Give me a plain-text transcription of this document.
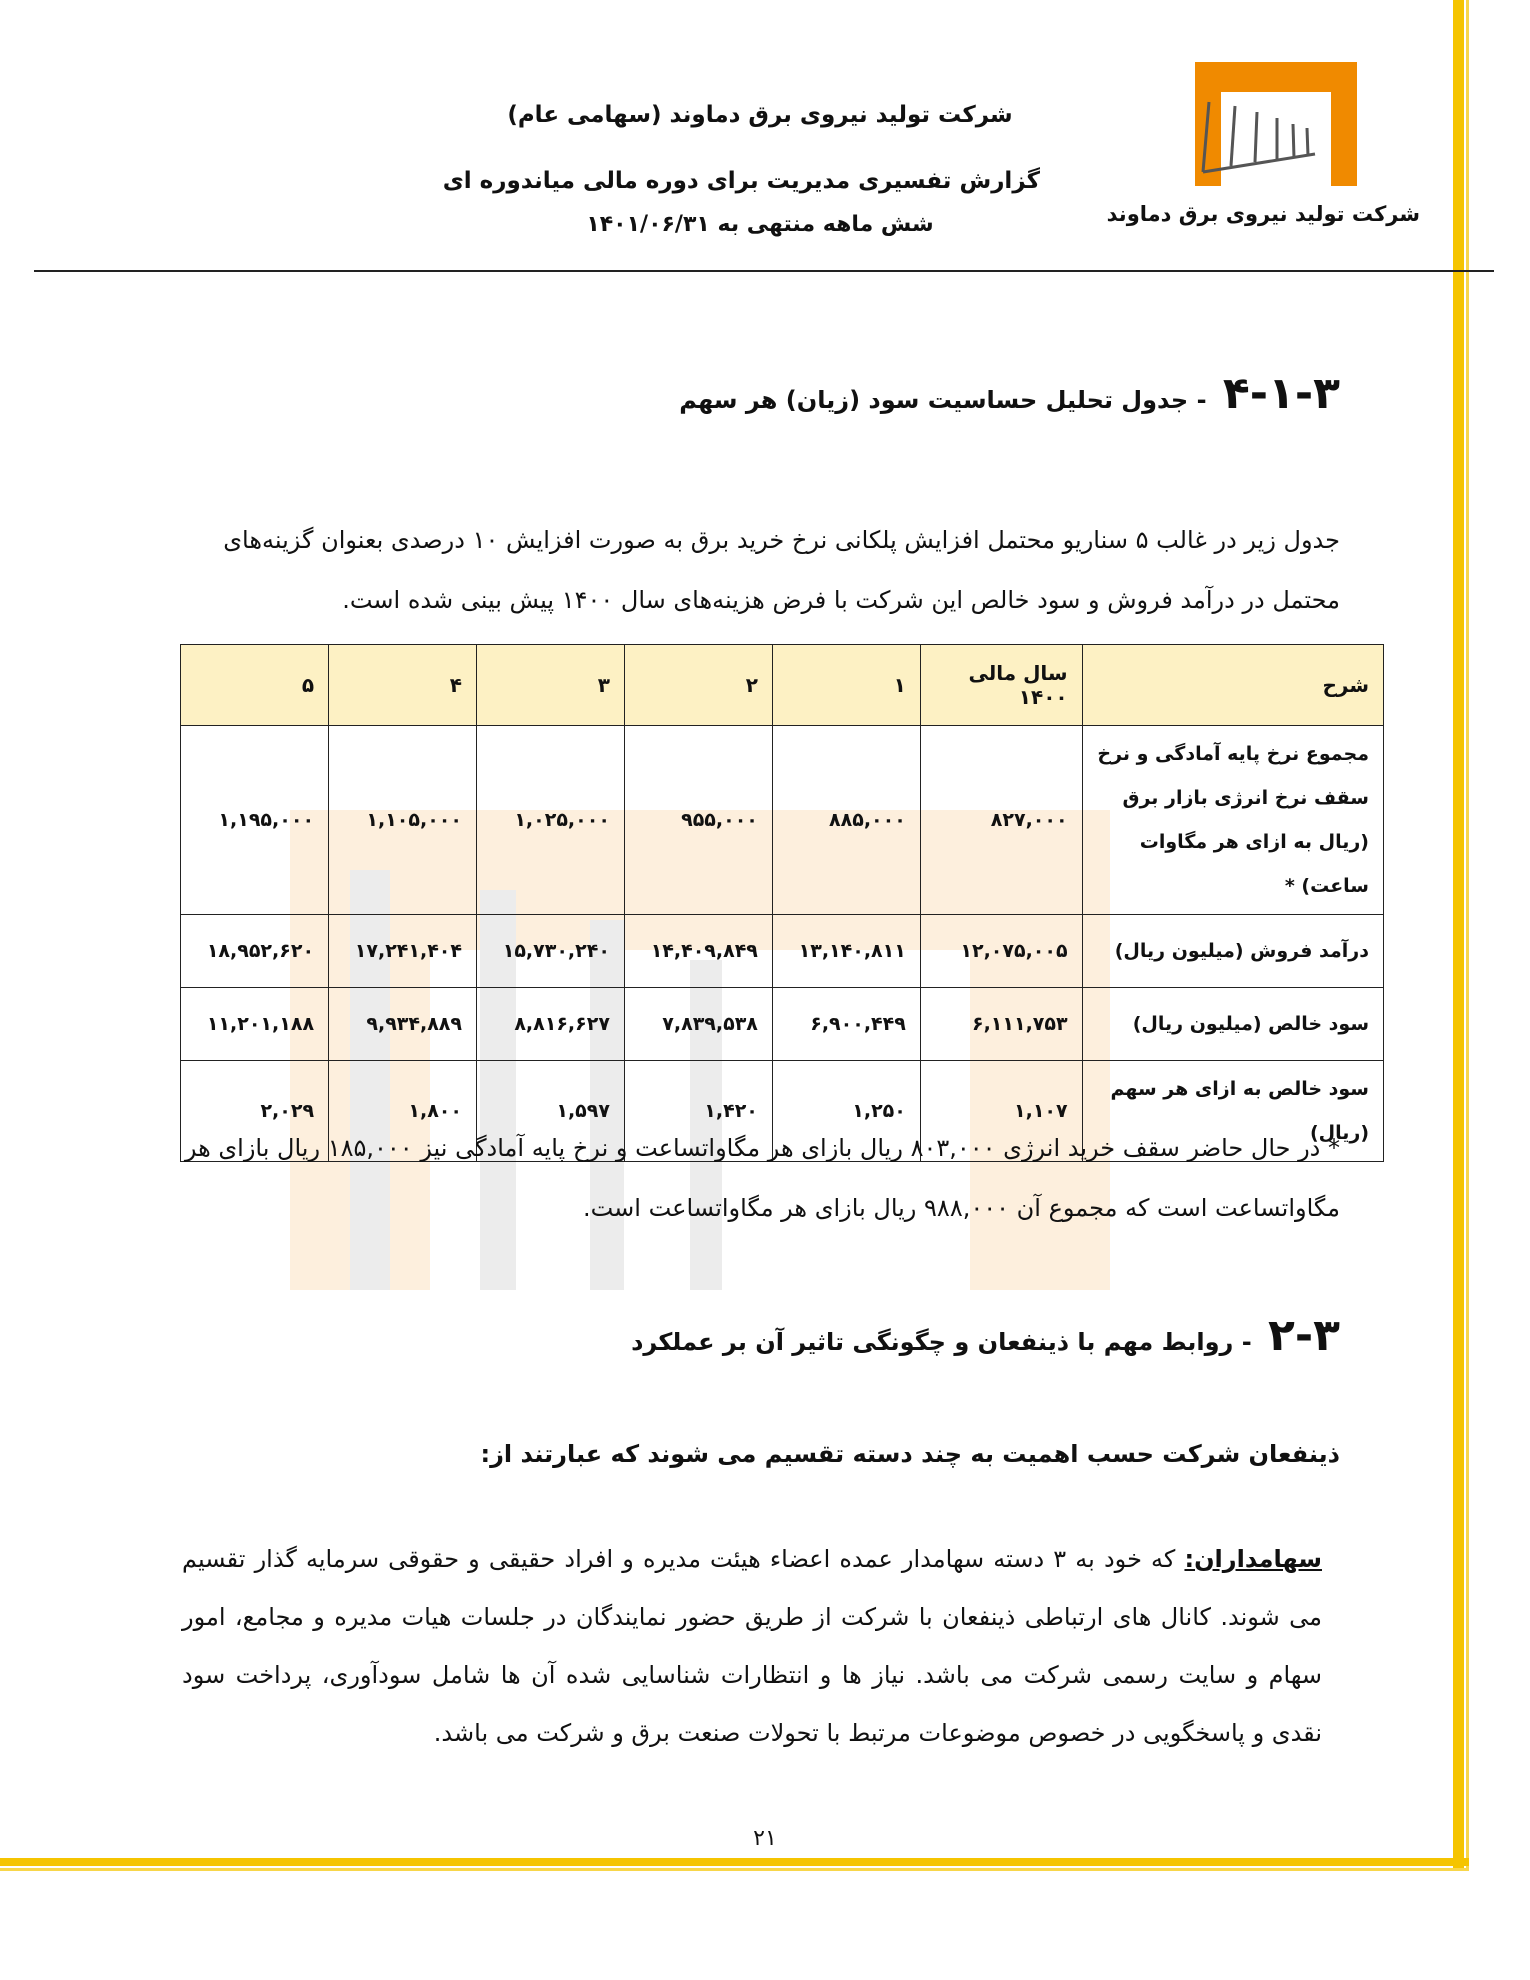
شرکت تولید نیروی برق دماوند
شرکت تولید نیروی برق دماوند (سهامی عام)
گزارش تفسیری مدیریت برای دوره مالی میاندوره ای
شش ماهه منتهی به ۱۴۰۱/۰۶/۳۱
۴-۱-۳ - جدول تحلیل حساسیت سود (زیان) هر سهم
جدول زیر در غالب ۵ سناریو محتمل افزایش پلکانی نرخ خرید برق به صورت افزایش ۱۰ درصدی بعنوان گزینه‌های محتمل در درآمد فروش و سود خالص این شرکت با فرض هزینه‌های سال ۱۴۰۰ پیش بینی شده است.
شرح	سال مالی ۱۴۰۰	۱	۲	۳	۴	۵
مجموع نرخ پایه آمادگی و نرخ سقف نرخ انرژی بازار برق (ریال به ازای هر مگاوات ساعت) *	۸۲۷,۰۰۰	۸۸۵,۰۰۰	۹۵۵,۰۰۰	۱,۰۲۵,۰۰۰	۱,۱۰۵,۰۰۰	۱,۱۹۵,۰۰۰
درآمد فروش (میلیون ریال)	۱۲,۰۷۵,۰۰۵	۱۳,۱۴۰,۸۱۱	۱۴,۴۰۹,۸۴۹	۱۵,۷۳۰,۲۴۰	۱۷,۲۴۱,۴۰۴	۱۸,۹۵۲,۶۲۰
سود خالص (میلیون ریال)	۶,۱۱۱,۷۵۳	۶,۹۰۰,۴۴۹	۷,۸۳۹,۵۳۸	۸,۸۱۶,۶۲۷	۹,۹۳۴,۸۸۹	۱۱,۲۰۱,۱۸۸
سود خالص به ازای هر سهم (ریال)	۱,۱۰۷	۱,۲۵۰	۱,۴۲۰	۱,۵۹۷	۱,۸۰۰	۲,۰۲۹
* در حال حاضر سقف خرید انرژی ۸۰۳,۰۰۰ ریال بازای هر مگاواتساعت و نرخ پایه آمادگی نیز ۱۸۵,۰۰۰ ریال بازای هر مگاواتساعت است که مجموع آن ۹۸۸,۰۰۰ ریال بازای هر مگاواتساعت است.
۲-۳ - روابط مهم با ذینفعان و چگونگی تاثیر آن بر عملکرد
ذینفعان شرکت حسب اهمیت به چند دسته تقسیم می شوند که عبارتند از:
سهامداران: که خود به ۳ دسته سهامدار عمده اعضاء هیئت مدیره و افراد حقیقی و حقوقی سرمایه گذار تقسیم می شوند. کانال های ارتباطی ذینفعان با شرکت از طریق حضور نمایندگان در جلسات هیات مدیره و مجامع، امور سهام و سایت رسمی شرکت می باشد. نیاز ها و انتظارات شناسایی شده آن ها شامل سودآوری، پرداخت سود نقدی و پاسخگویی در خصوص موضوعات مرتبط با تحولات صنعت برق و شرکت می باشد.
۲۱
